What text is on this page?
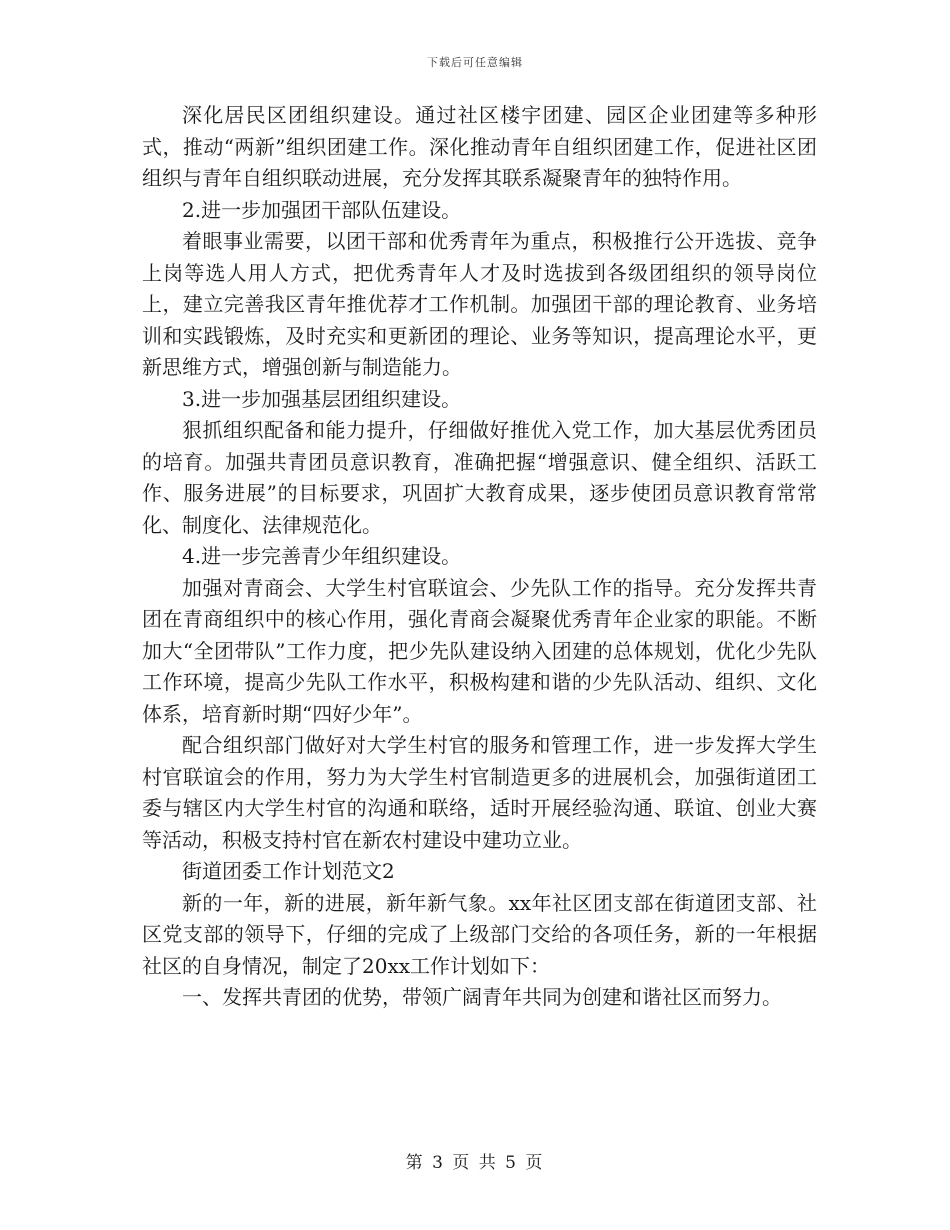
下载后可任意编辑

深化居民区团组织建设。通过社区楼宇团建、园区企业团建等多种形式，推动“两新”组织团建工作。深化推动青年自组织团建工作，促进社区团组织与青年自组织联动进展，充分发挥其联系凝聚青年的独特作用。

2.进一步加强团干部队伍建设。

着眼事业需要，以团干部和优秀青年为重点，积极推行公开选拔、竞争上岗等选人用人方式，把优秀青年人才及时选拔到各级团组织的领导岗位上，建立完善我区青年推优荐才工作机制。加强团干部的理论教育、业务培训和实践锻炼，及时充实和更新团的理论、业务等知识，提高理论水平，更新思维方式，增强创新与制造能力。

3.进一步加强基层团组织建设。

狠抓组织配备和能力提升，仔细做好推优入党工作，加大基层优秀团员的培育。加强共青团员意识教育，准确把握“增强意识、健全组织、活跃工作、服务进展”的目标要求，巩固扩大教育成果，逐步使团员意识教育常常化、制度化、法律规范化。

4.进一步完善青少年组织建设。

加强对青商会、大学生村官联谊会、少先队工作的指导。充分发挥共青团在青商组织中的核心作用，强化青商会凝聚优秀青年企业家的职能。不断加大“全团带队”工作力度，把少先队建设纳入团建的总体规划，优化少先队工作环境，提高少先队工作水平，积极构建和谐的少先队活动、组织、文化体系，培育新时期“四好少年”。

配合组织部门做好对大学生村官的服务和管理工作，进一步发挥大学生村官联谊会的作用，努力为大学生村官制造更多的进展机会，加强街道团工委与辖区内大学生村官的沟通和联络，适时开展经验沟通、联谊、创业大赛等活动，积极支持村官在新农村建设中建功立业。

街道团委工作计划范文2

新的一年，新的进展，新年新气象。xx年社区团支部在街道团支部、社区党支部的领导下，仔细的完成了上级部门交给的各项任务，新的一年根据社区的自身情况，制定了20xx工作计划如下：

一、发挥共青团的优势，带领广阔青年共同为创建和谐社区而努力。

第 3 页 共 5 页
